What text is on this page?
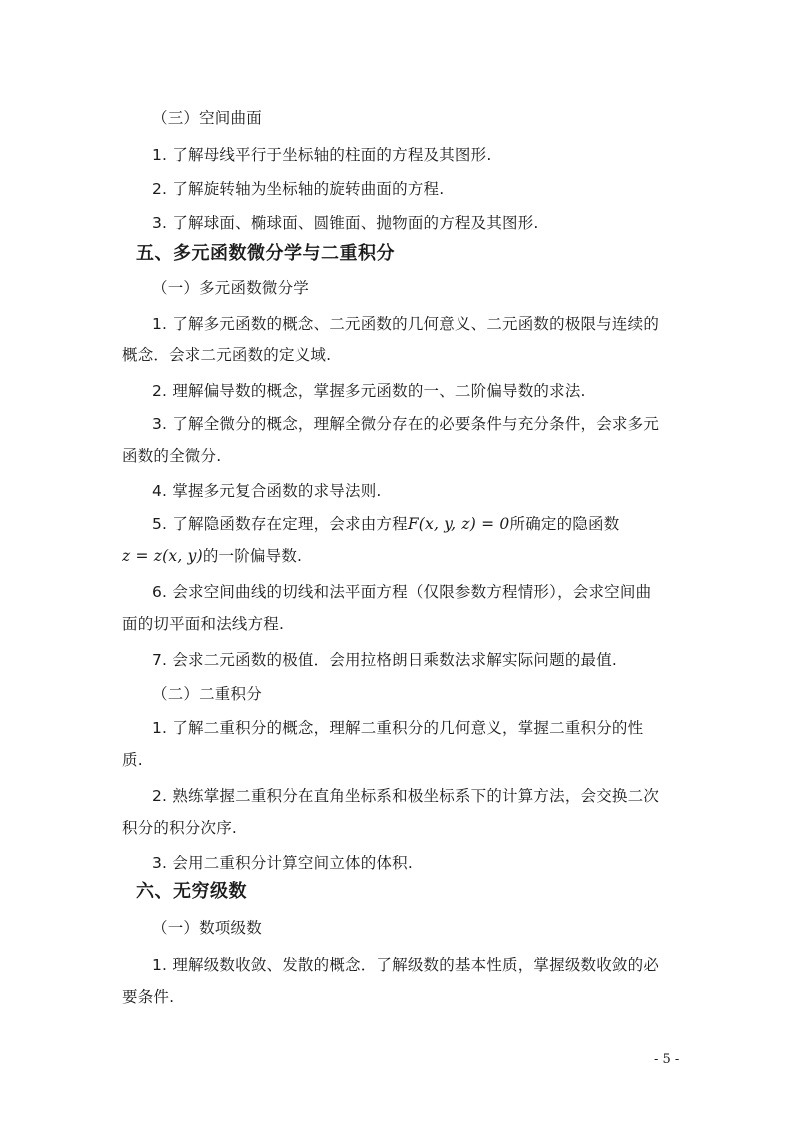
（三）空间曲面
1. 了解母线平行于坐标轴的柱面的方程及其图形.
2. 了解旋转轴为坐标轴的旋转曲面的方程.
3. 了解球面、椭球面、圆锥面、抛物面的方程及其图形.
五、多元函数微分学与二重积分
（一）多元函数微分学
1. 了解多元函数的概念、二元函数的几何意义、二元函数的极限与连续的
概念．会求二元函数的定义域.
2. 理解偏导数的概念，掌握多元函数的一、二阶偏导数的求法.
3. 了解全微分的概念，理解全微分存在的必要条件与充分条件，会求多元
函数的全微分.
4. 掌握多元复合函数的求导法则.
5. 了解隐函数存在定理，会求由方程F(x, y, z) = 0所确定的隐函数
z = z(x, y)的一阶偏导数.
6. 会求空间曲线的切线和法平面方程（仅限参数方程情形），会求空间曲
面的切平面和法线方程.
7. 会求二元函数的极值．会用拉格朗日乘数法求解实际问题的最值.
（二）二重积分
1. 了解二重积分的概念，理解二重积分的几何意义，掌握二重积分的性
质.
2. 熟练掌握二重积分在直角坐标系和极坐标系下的计算方法，会交换二次
积分的积分次序.
3. 会用二重积分计算空间立体的体积.
六、无穷级数
（一）数项级数
1. 理解级数收敛、发散的概念．了解级数的基本性质，掌握级数收敛的必
要条件.
- 5 -
